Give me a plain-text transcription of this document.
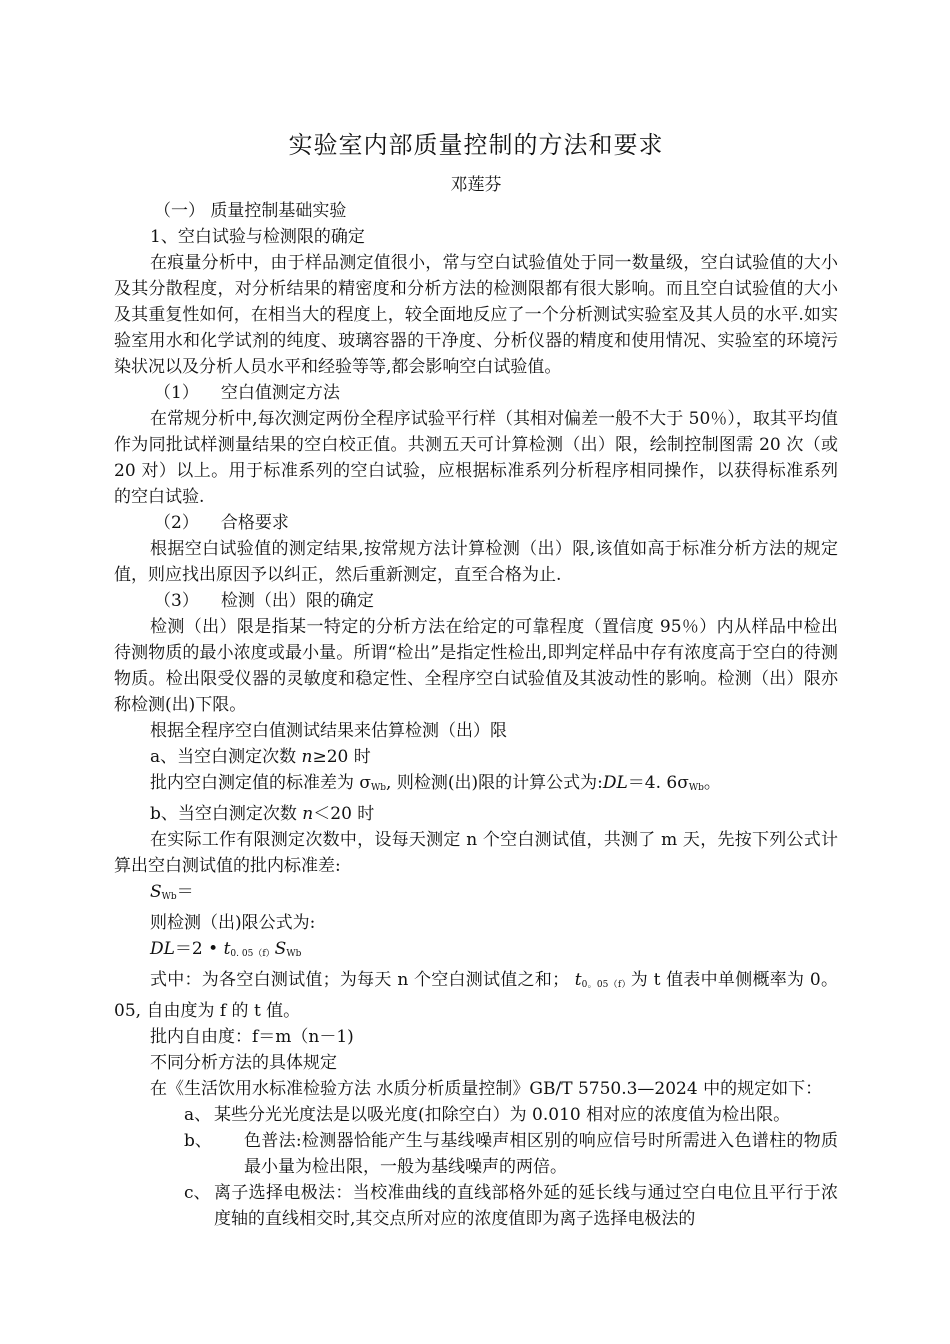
实验室内部质量控制的方法和要求

邓莲芬

（一） 质量控制基础实验

1、空白试验与检测限的确定

在痕量分析中，由于样品测定值很小，常与空白试验值处于同一数量级，空白试验值的大小及其分散程度，对分析结果的精密度和分析方法的检测限都有很大影响。而且空白试验值的大小及其重复性如何，在相当大的程度上，较全面地反应了一个分析测试实验室及其人员的水平.如实验室用水和化学试剂的纯度、玻璃容器的干净度、分析仪器的精度和使用情况、实验室的环境污染状况以及分析人员水平和经验等等,都会影响空白试验值。

（1） 空白值测定方法

在常规分析中,每次测定两份全程序试验平行样（其相对偏差一般不大于 50％），取其平均值作为同批试样测量结果的空白校正值。共测五天可计算检测（出）限，绘制控制图需 20 次（或 20 对）以上。用于标准系列的空白试验，应根据标准系列分析程序相同操作，以获得标准系列的空白试验.

（2） 合格要求

根据空白试验值的测定结果,按常规方法计算检测（出）限,该值如高于标准分析方法的规定值，则应找出原因予以纠正，然后重新测定，直至合格为止.

（3） 检测（出）限的确定

检测（出）限是指某一特定的分析方法在给定的可靠程度（置信度 95％）内从样品中检出待测物质的最小浓度或最小量。所谓“检出”是指定性检出,即判定样品中存有浓度高于空白的待测物质。检出限受仪器的灵敏度和稳定性、全程序空白试验值及其波动性的影响。检测（出）限亦称检测(出)下限。

根据全程序空白值测试结果来估算检测（出）限

a、当空白测定次数 n≥20 时

批内空白测定值的标准差为 $\sigma_{Wb}$, 则检测(出)限的计算公式为:DL＝4. $6\sigma_{Wb}$。

b、当空白测定次数 n＜20 时

在实际工作有限测定次数中，设每天测定 n 个空白测试值，共测了 m 天，先按下列公式计算出空白测试值的批内标准差:

$S_{Wb}=$

则检测（出)限公式为:

DL＝2 • $t_{0. 05(f)}S_{Wb}$

式中：为各空白测试值；为每天 n 个空白测试值之和； $t_{0。05(f)}$为 t 值表中单侧概率为 0。05, 自由度为 f 的 t 值。

批内自由度：f＝m（n－1)

不同分析方法的具体规定

在《生活饮用水标准检验方法 水质分析质量控制》GB/T 5750.3—2024 中的规定如下：

a、 某些分光光度法是以吸光度(扣除空白）为 0.010 相对应的浓度值为检出限。
b、	色普法:检测器恰能产生与基线噪声相区别的响应信号时所需进入色谱柱的物质最小量为检出限，一般为基线噪声的两倍。
c、 离子选择电极法：当校准曲线的直线部格外延的延长线与通过空白电位且平行于浓度轴的直线相交时,其交点所对应的浓度值即为离子选择电极法的
